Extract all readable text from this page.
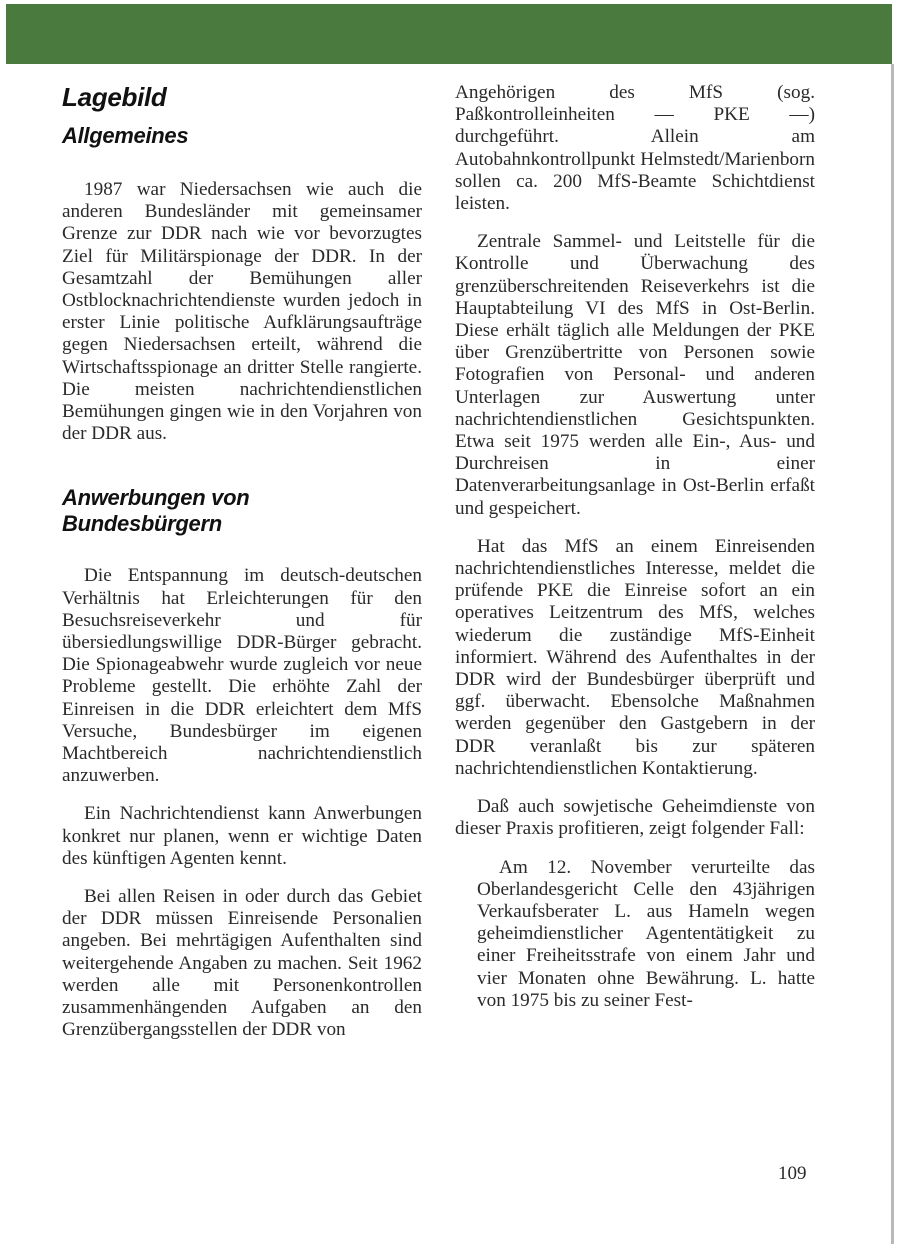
Lagebild
Allgemeines

1987 war Niedersachsen wie auch die anderen Bundesländer mit gemeinsamer Grenze zur DDR nach wie vor bevorzugtes Ziel für Militärspionage der DDR. In der Gesamtzahl der Bemühungen aller Ostblocknachrichtendienste wurden jedoch in erster Linie politische Aufklärungsaufträge gegen Niedersachsen erteilt, während die Wirtschaftsspionage an dritter Stelle rangierte. Die meisten nachrichtendienstlichen Bemühungen gingen wie in den Vorjahren von der DDR aus.

Anwerbungen von
Bundesbürgern

Die Entspannung im deutsch-deutschen Verhältnis hat Erleichterungen für den Besuchsreiseverkehr und für übersiedlungswillige DDR-Bürger gebracht. Die Spionageabwehr wurde zugleich vor neue Probleme gestellt. Die erhöhte Zahl der Einreisen in die DDR erleichtert dem MfS Versuche, Bundesbürger im eigenen Machtbereich nachrichtendienstlich anzuwerben.

Ein Nachrichtendienst kann Anwerbungen konkret nur planen, wenn er wichtige Daten des künftigen Agenten kennt.

Bei allen Reisen in oder durch das Gebiet der DDR müssen Einreisende Personalien angeben. Bei mehrtägigen Aufenthalten sind weitergehende Angaben zu machen. Seit 1962 werden alle mit Personenkontrollen zusammenhängenden Aufgaben an den Grenzübergangsstellen der DDR von

Angehörigen des MfS (sog. Paßkontrolleinheiten — PKE —) durchgeführt. Allein am Autobahnkontrollpunkt Helmstedt/Marienborn sollen ca. 200 MfS-Beamte Schichtdienst leisten.

Zentrale Sammel- und Leitstelle für die Kontrolle und Überwachung des grenzüberschreitenden Reiseverkehrs ist die Hauptabteilung VI des MfS in Ost-Berlin. Diese erhält täglich alle Meldungen der PKE über Grenzübertritte von Personen sowie Fotografien von Personal- und anderen Unterlagen zur Auswertung unter nachrichtendienstlichen Gesichtspunkten. Etwa seit 1975 werden alle Ein-, Aus- und Durchreisen in einer Datenverarbeitungsanlage in Ost-Berlin erfaßt und gespeichert.

Hat das MfS an einem Einreisenden nachrichtendienstliches Interesse, meldet die prüfende PKE die Einreise sofort an ein operatives Leitzentrum des MfS, welches wiederum die zuständige MfS-Einheit informiert. Während des Aufenthaltes in der DDR wird der Bundesbürger überprüft und ggf. überwacht. Ebensolche Maßnahmen werden gegenüber den Gastgebern in der DDR veranlaßt bis zur späteren nachrichtendienstlichen Kontaktierung.

Daß auch sowjetische Geheimdienste von dieser Praxis profitieren, zeigt folgender Fall:

Am 12. November verurteilte das Oberlandesgericht Celle den 43jährigen Verkaufsberater L. aus Hameln wegen geheimdienstlicher Agententätigkeit zu einer Freiheitsstrafe von einem Jahr und vier Monaten ohne Bewährung. L. hatte von 1975 bis zu seiner Fest-

109
